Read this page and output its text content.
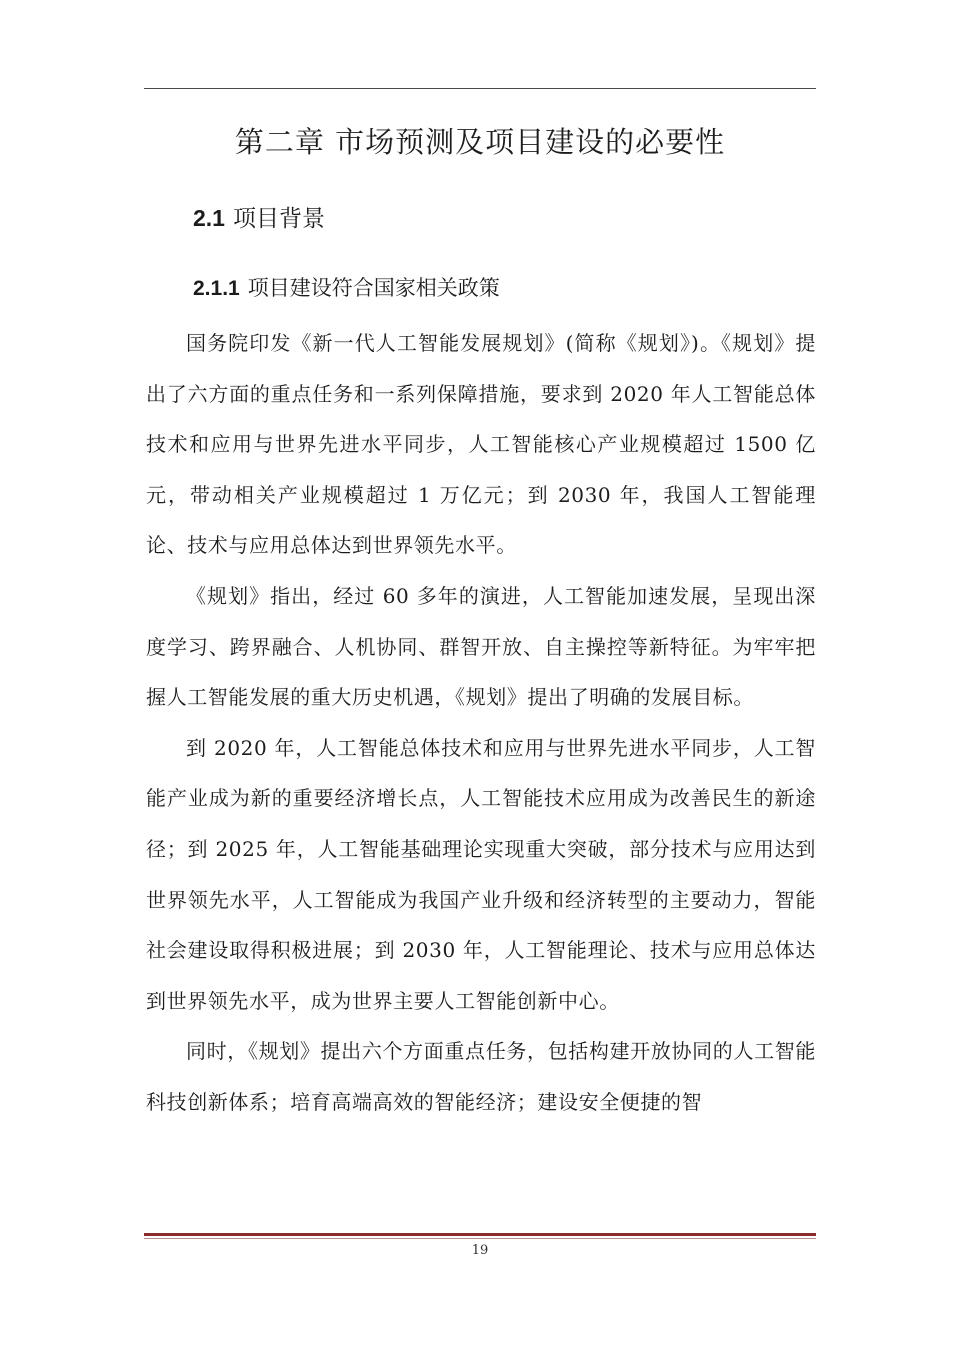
第二章 市场预测及项目建设的必要性
2.1 项目背景
2.1.1 项目建设符合国家相关政策

国务院印发《新一代人工智能发展规划》(简称《规划》)。《规划》提出了六方面的重点任务和一系列保障措施，要求到 2020 年人工智能总体技术和应用与世界先进水平同步，人工智能核心产业规模超过 1500 亿元，带动相关产业规模超过 1 万亿元；到 2030 年，我国人工智能理论、技术与应用总体达到世界领先水平。

《规划》指出，经过 60 多年的演进，人工智能加速发展，呈现出深度学习、跨界融合、人机协同、群智开放、自主操控等新特征。为牢牢把握人工智能发展的重大历史机遇，《规划》提出了明确的发展目标。

到 2020 年，人工智能总体技术和应用与世界先进水平同步，人工智能产业成为新的重要经济增长点，人工智能技术应用成为改善民生的新途径；到 2025 年，人工智能基础理论实现重大突破，部分技术与应用达到世界领先水平，人工智能成为我国产业升级和经济转型的主要动力，智能社会建设取得积极进展；到 2030 年，人工智能理论、技术与应用总体达到世界领先水平，成为世界主要人工智能创新中心。

同时，《规划》提出六个方面重点任务，包括构建开放协同的人工智能科技创新体系；培育高端高效的智能经济；建设安全便捷的智

19
